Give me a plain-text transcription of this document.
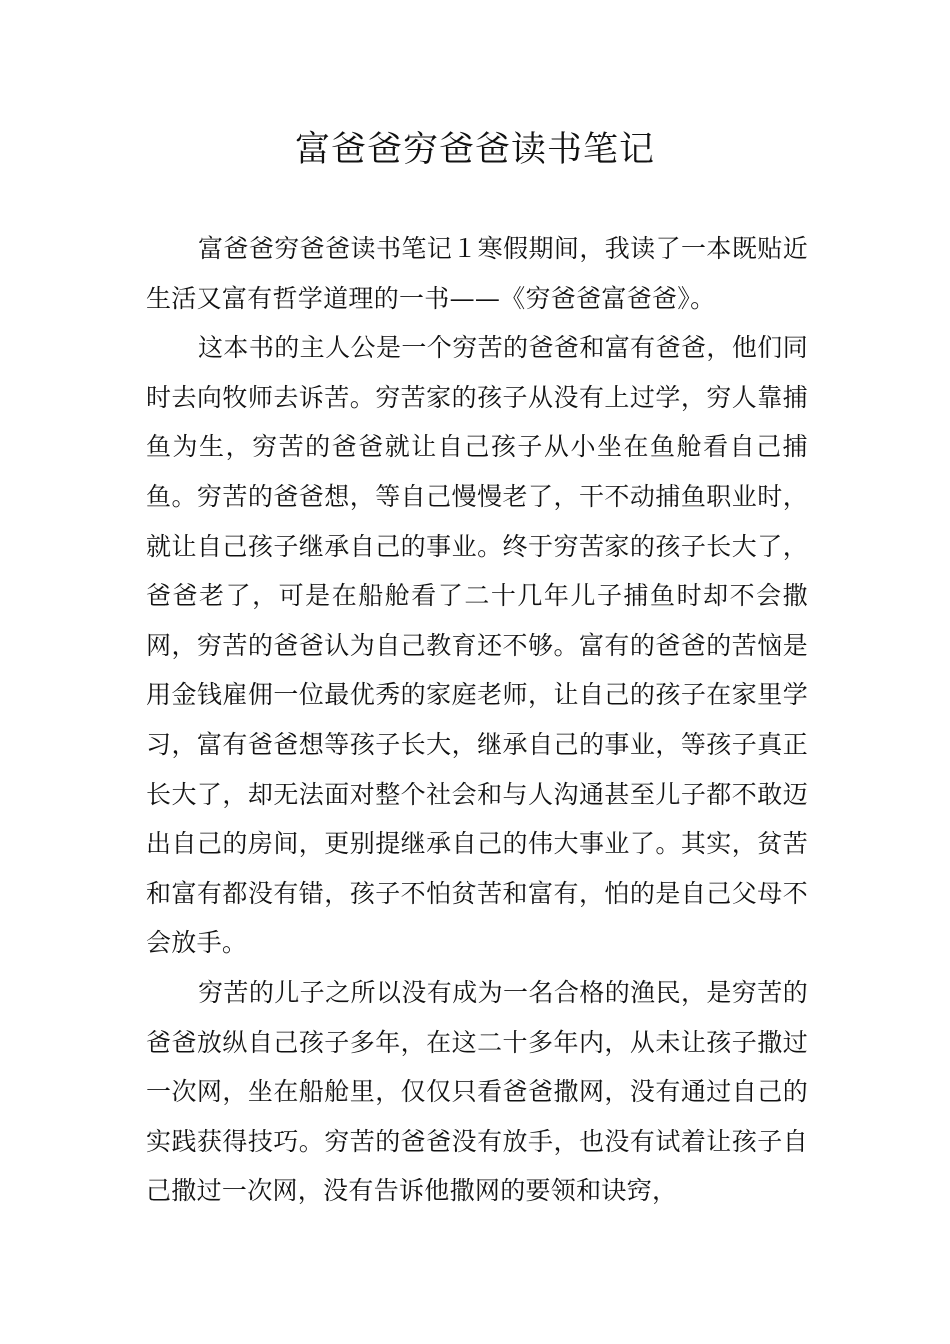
富爸爸穷爸爸读书笔记

富爸爸穷爸爸读书笔记１寒假期间，我读了一本既贴近生活又富有哲学道理的一书——《穷爸爸富爸爸》。

这本书的主人公是一个穷苦的爸爸和富有爸爸，他们同时去向牧师去诉苦。穷苦家的孩子从没有上过学，穷人靠捕鱼为生，穷苦的爸爸就让自己孩子从小坐在鱼舱看自己捕鱼。穷苦的爸爸想，等自己慢慢老了，干不动捕鱼职业时，就让自己孩子继承自己的事业。终于穷苦家的孩子长大了，爸爸老了，可是在船舱看了二十几年儿子捕鱼时却不会撒网，穷苦的爸爸认为自己教育还不够。富有的爸爸的苦恼是用金钱雇佣一位最优秀的家庭老师，让自己的孩子在家里学习，富有爸爸想等孩子长大，继承自己的事业，等孩子真正长大了，却无法面对整个社会和与人沟通甚至儿子都不敢迈出自己的房间，更别提继承自己的伟大事业了。其实，贫苦和富有都没有错，孩子不怕贫苦和富有，怕的是自己父母不会放手。

穷苦的儿子之所以没有成为一名合格的渔民，是穷苦的爸爸放纵自己孩子多年，在这二十多年内，从未让孩子撒过一次网，坐在船舱里，仅仅只看爸爸撒网，没有通过自己的实践获得技巧。穷苦的爸爸没有放手，也没有试着让孩子自己撒过一次网，没有告诉他撒网的要领和诀窍，
